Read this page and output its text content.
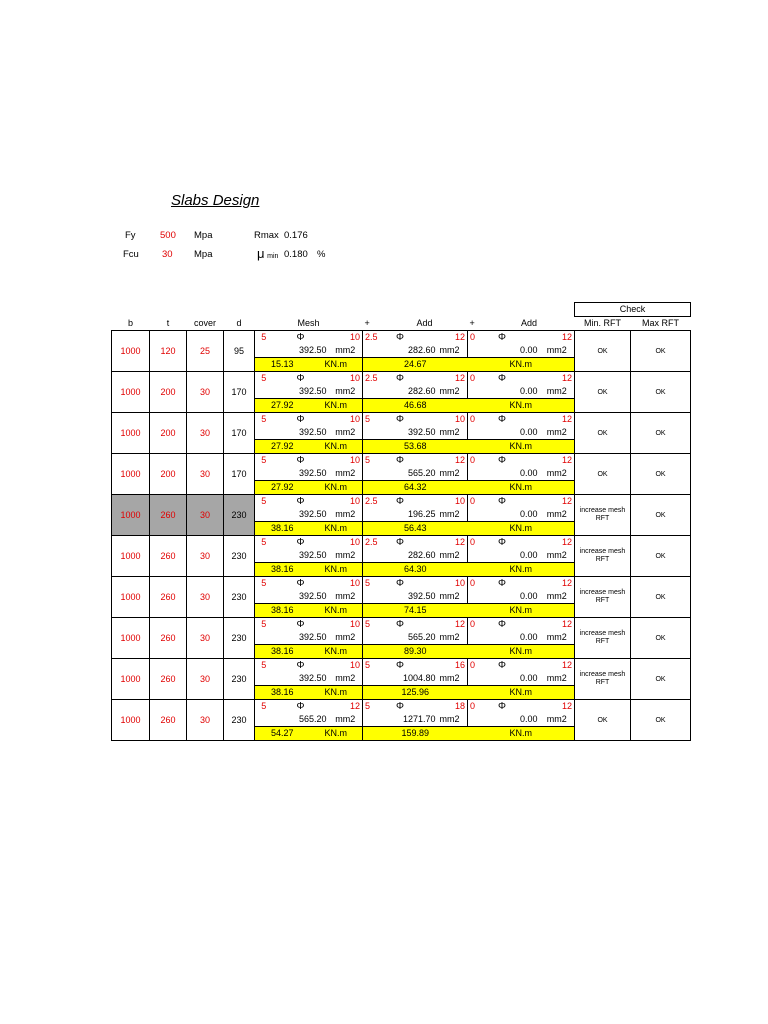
Slabs Design
Fy	500 Mpa	Rmax 0.176
Fcu 30 Mpa	μ min 0.180 %
																Check	
b	t	cover	d	Mesh				+	Add			+	Add			Min. RFT	Max RFT
1000	120	25	95	5	Φ		10	2.5	Φ	12		0	Φ	12		OK	OK
					392.50		mm2	282.60			mm2		0.00		mm2		
				15.13		KN.m		24.67				KN.m					
1000	200	30	170	5	Φ		10	2.5	Φ	12		0	Φ	12		OK	OK
					392.50		mm2	282.60			mm2		0.00		mm2		
				27.92		KN.m		46.68				KN.m					
1000	200	30	170	5	Φ		10	5	Φ	10		0	Φ	12		OK	OK
					392.50		mm2	392.50			mm2		0.00		mm2		
				27.92		KN.m		53.68				KN.m					
1000	200	30	170	5	Φ		10	5	Φ	12		0	Φ	12		OK	OK
					392.50		mm2	565.20			mm2		0.00		mm2		
				27.92		KN.m		64.32				KN.m					
1000	260	30	230	5	Φ		10	2.5	Φ	10		0	Φ	12		increase mesh RFT	OK
					392.50		mm2	196.25			mm2		0.00		mm2		
				38.16		KN.m		56.43				KN.m					
1000	260	30	230	5	Φ		10	2.5	Φ	12		0	Φ	12		increase mesh RFT	OK
					392.50		mm2	282.60			mm2		0.00		mm2		
				38.16		KN.m		64.30				KN.m					
1000	260	30	230	5	Φ		10	5	Φ	10		0	Φ	12		increase mesh RFT	OK
					392.50		mm2	392.50			mm2		0.00		mm2		
				38.16		KN.m		74.15				KN.m					
1000	260	30	230	5	Φ		10	5	Φ	12		0	Φ	12		increase mesh RFT	OK
					392.50		mm2	565.20			mm2		0.00		mm2		
				38.16		KN.m		89.30				KN.m					
1000	260	30	230	5	Φ		10	5	Φ	16		0	Φ	12		increase mesh RFT	OK
					392.50		mm2	1004.80			mm2		0.00		mm2		
				38.16		KN.m		125.96				KN.m					
1000	260	30	230	5	Φ		12	5	Φ	18		0	Φ	12		OK	OK
					565.20		mm2	1271.70			mm2		0.00		mm2		
				54.27		KN.m		159.89				KN.m					
